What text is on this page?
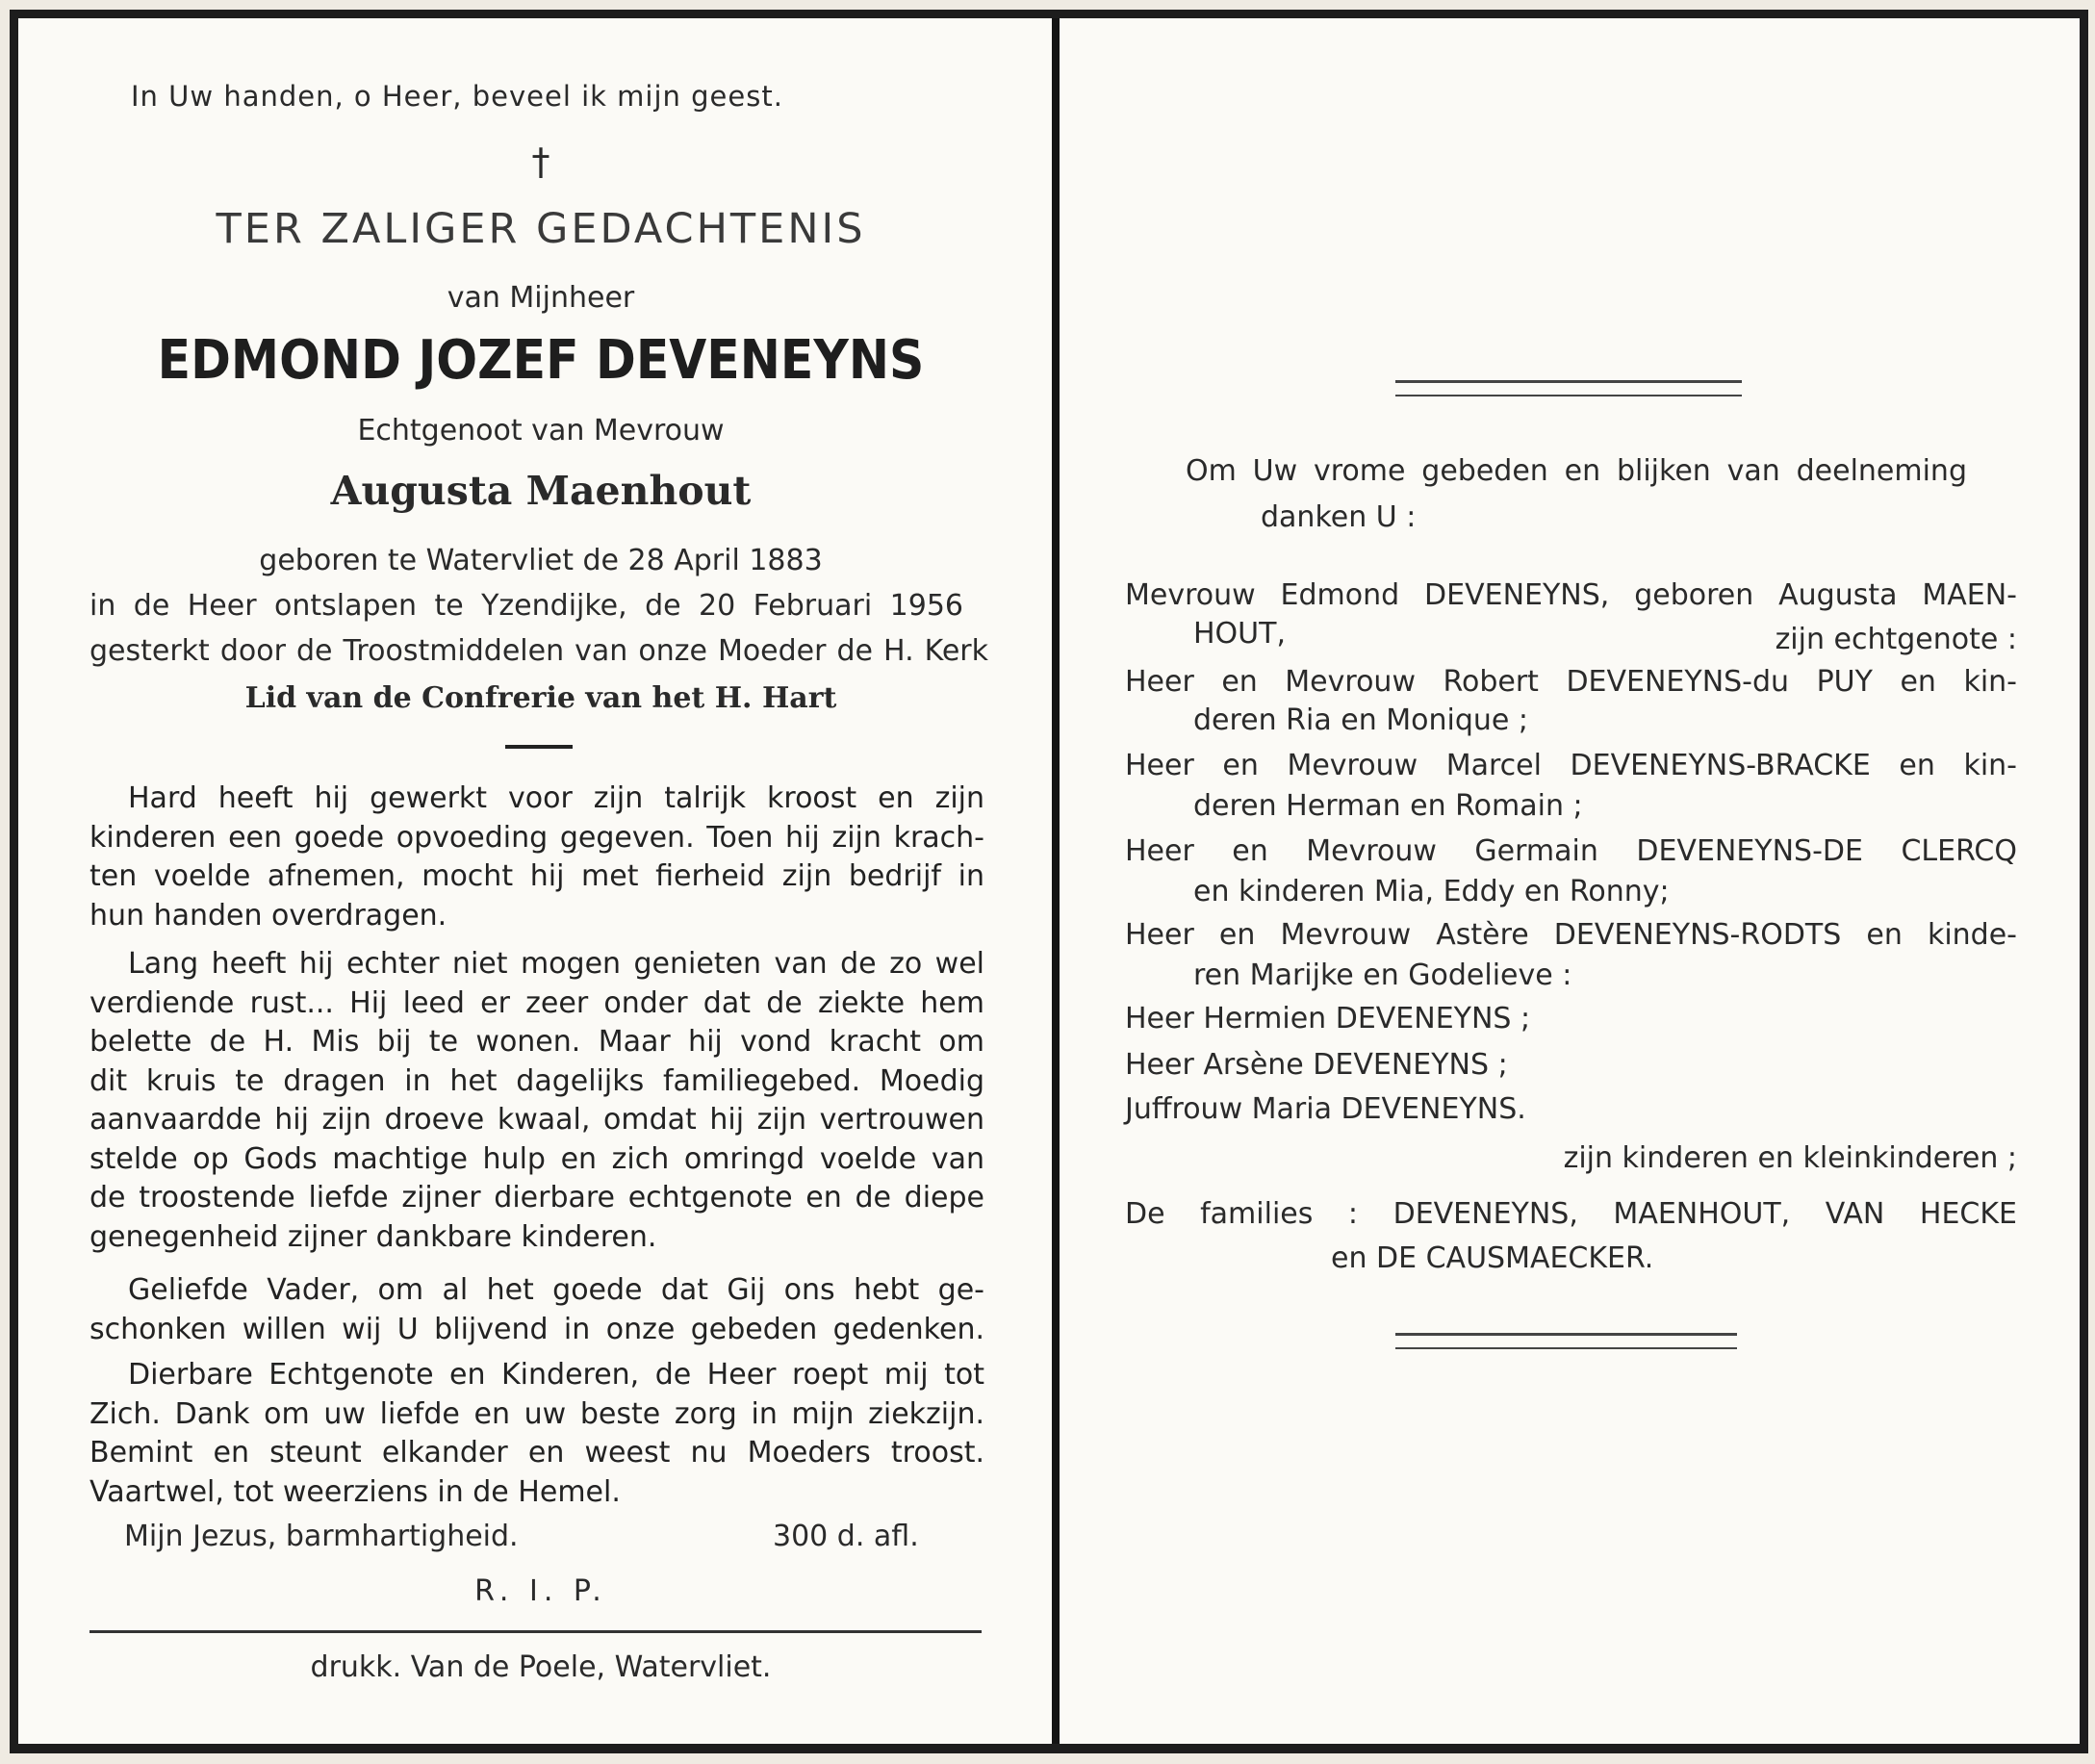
In Uw handen, o Heer, beveel ik mijn geest.
†
TER ZALIGER GEDACHTENIS
van Mijnheer
EDMOND JOZEF DEVENEYNS
Echtgenoot van Mevrouw
Augusta Maenhout
geboren te Watervliet de 28 April 1883
in de Heer ontslapen te Yzendijke, de 20 Februari 1956
gesterkt door de Troostmiddelen van onze Moeder de H. Kerk
Lid van de Confrerie van het H. Hart
Hard heeft hij gewerkt voor zijn talrijk kroost en zijn
kinderen een goede opvoeding gegeven. Toen hij zijn krach-
ten voelde afnemen, mocht hij met fierheid zijn bedrijf in
hun handen overdragen.
Lang heeft hij echter niet mogen genieten van de zo wel
verdiende rust... Hij leed er zeer onder dat de ziekte hem
belette de H. Mis bij te wonen. Maar hij vond kracht om
dit kruis te dragen in het dagelijks familiegebed. Moedig
aanvaardde hij zijn droeve kwaal, omdat hij zijn vertrouwen
stelde op Gods machtige hulp en zich omringd voelde van
de troostende liefde zijner dierbare echtgenote en de diepe
genegenheid zijner dankbare kinderen.
Geliefde Vader, om al het goede dat Gij ons hebt ge-
schonken willen wij U blijvend in onze gebeden gedenken.
Dierbare Echtgenote en Kinderen, de Heer roept mij tot
Zich. Dank om uw liefde en uw beste zorg in mijn ziekzijn.
Bemint en steunt elkander en weest nu Moeders troost.
Vaartwel, tot weerziens in de Hemel.
Mijn Jezus, barmhartigheid.	300 d. afl.
R. I. P.
drukk. Van de Poele, Watervliet.
Om Uw vrome gebeden en blijken van deelneming
danken U :
Mevrouw Edmond DEVENEYNS, geboren Augusta MAEN-
HOUT,	zijn echtgenote :
Heer en Mevrouw Robert DEVENEYNS-du PUY en kin-
deren Ria en Monique ;
Heer en Mevrouw Marcel DEVENEYNS-BRACKE en kin-
deren Herman en Romain ;
Heer en Mevrouw Germain DEVENEYNS-DE CLERCQ
en kinderen Mia, Eddy en Ronny;
Heer en Mevrouw Astère DEVENEYNS-RODTS en kinde-
ren Marijke en Godelieve :
Heer Hermien DEVENEYNS ;
Heer Arsène DEVENEYNS ;
Juffrouw Maria DEVENEYNS.
zijn kinderen en kleinkinderen ;
De families : DEVENEYNS, MAENHOUT, VAN HECKE
en DE CAUSMAECKER.
